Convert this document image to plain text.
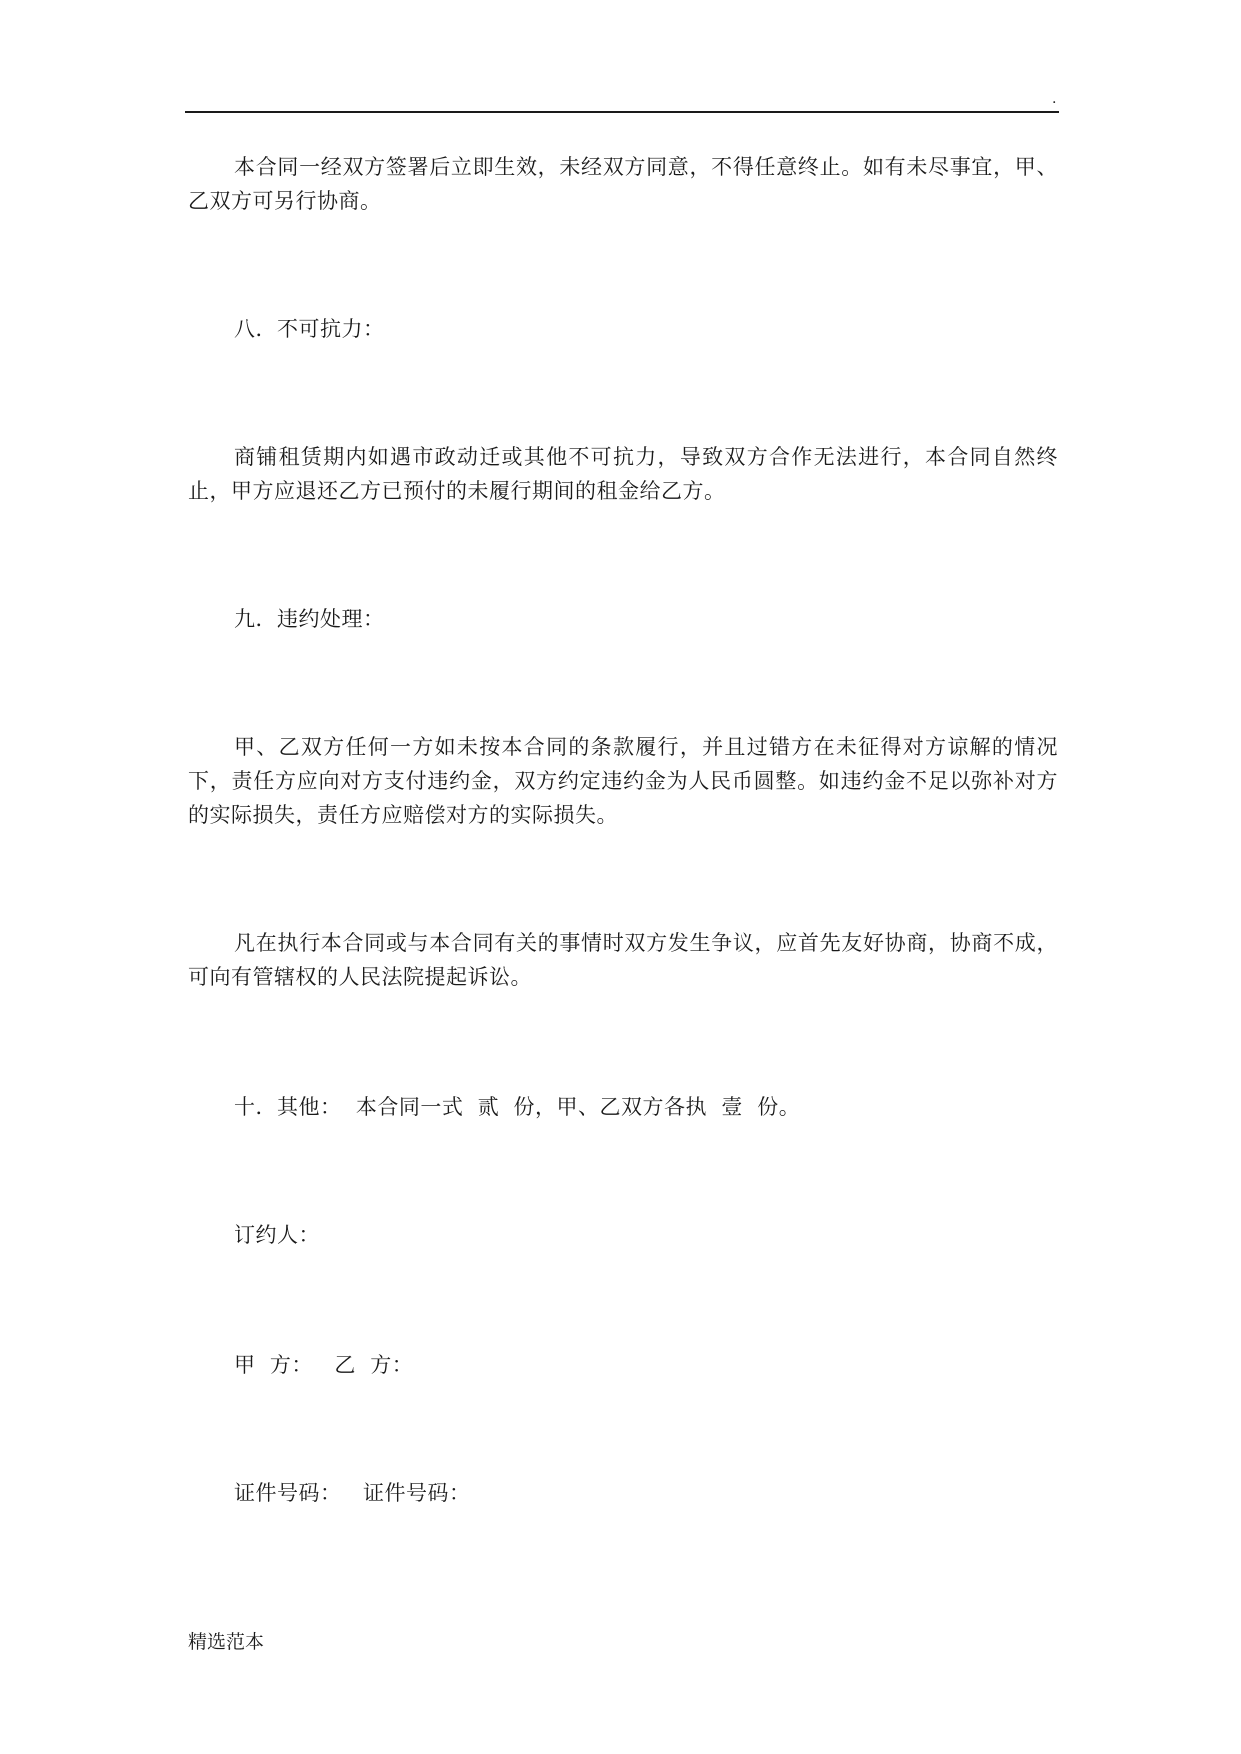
.

本合同一经双方签署后立即生效，未经双方同意，不得任意终止。如有未尽事宜，甲、乙双方可另行协商。

八．不可抗力：

商铺租赁期内如遇市政动迁或其他不可抗力，导致双方合作无法进行，本合同自然终止，甲方应退还乙方已预付的未履行期间的租金给乙方。

九．违约处理：

甲、乙双方任何一方如未按本合同的条款履行，并且过错方在未征得对方谅解的情况下，责任方应向对方支付违约金，双方约定违约金为人民币圆整。如违约金不足以弥补对方的实际损失，责任方应赔偿对方的实际损失。

凡在执行本合同或与本合同有关的事情时双方发生争议，应首先友好协商，协商不成，可向有管辖权的人民法院提起诉讼。

十．其他：  本合同一式  贰  份，甲、乙双方各执  壹  份。

订约人：

甲  方：   乙  方：

证件号码：   证件号码：

精选范本
